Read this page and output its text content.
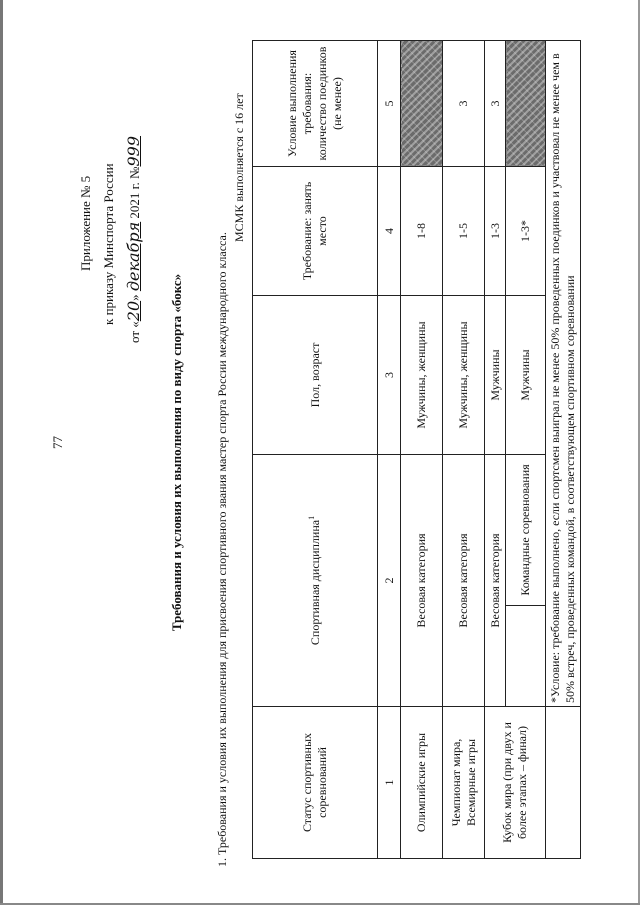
77
Приложение № 5 к приказу Минспорта России
от «20» декабря 2021 г. №999
Требования и условия их выполнения по виду спорта «бокс»	1. Требования и условия их выполнения для присвоения спортивного звания мастер спорта России международного класса.
МСМК выполняется с 16 лет
Статус спортивных соревнований	Спортивная дисциплина$^1$		Пол, возраст	Требование: занять место	Условие выполнения требования: количество поединков (не менее)
1	2		3	4	5
Олимпийские игры	Весовая категория		Мужчины, женщины	1-8	
Чемпионат мира, Всемирные игры	Весовая категория		Мужчины, женщины	1-5	3
Кубок мира (при двух и более этапах – финал)	Весовая категория		Мужчины	1-3	3
		Командные соревнования	Мужчины	1-3*	
	*Условие: требование выполнено, если спортсмен выиграл не менее 50% проведенных поединков и участвовал не менее чем в 50% встреч, проведенных командой, в соответствующем спортивном соревновании				
